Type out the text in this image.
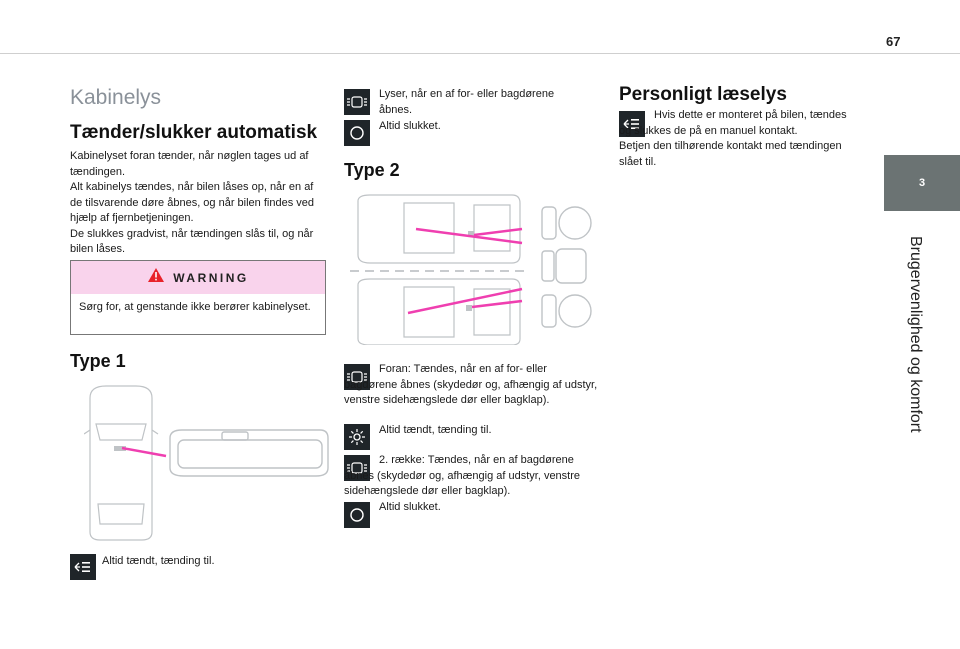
67
3
Brugervenlighed og komfort
Kabinelys
Tænder/slukker automatisk

Kabinelyset foran tænder, når nøglen tages ud af tændingen.

Alt kabinelys tændes, når bilen låses op, når en af de tilsvarende døre åbnes, og når bilen findes ved hjælp af fjernbetjeningen.

De slukkes gradvist, når tændingen slås til, og når bilen låses.

WARNING
Sørg for, at genstande ikke berører kabinelyset.
Type 1
Altid tændt, tænding til.
Lyser, når en af for- eller bagdørene åbnes.
Altid slukket.
Type 2
Foran: Tændes, når en af for- eller bagdørene åbnes (skydedør og, afhængig af udstyr, venstre sidehængslede dør eller bagklap).
Altid tændt, tænding til.
2. række: Tændes, når en af bagdørene åbnes (skydedør og, afhængig af udstyr, venstre sidehængslede dør eller bagklap).
Altid slukket.
Personligt læselys
Hvis dette er monteret på bilen, tændes og slukkes de på en manuel kontakt.
Betjen den tilhørende kontakt med tændingen slået til.
